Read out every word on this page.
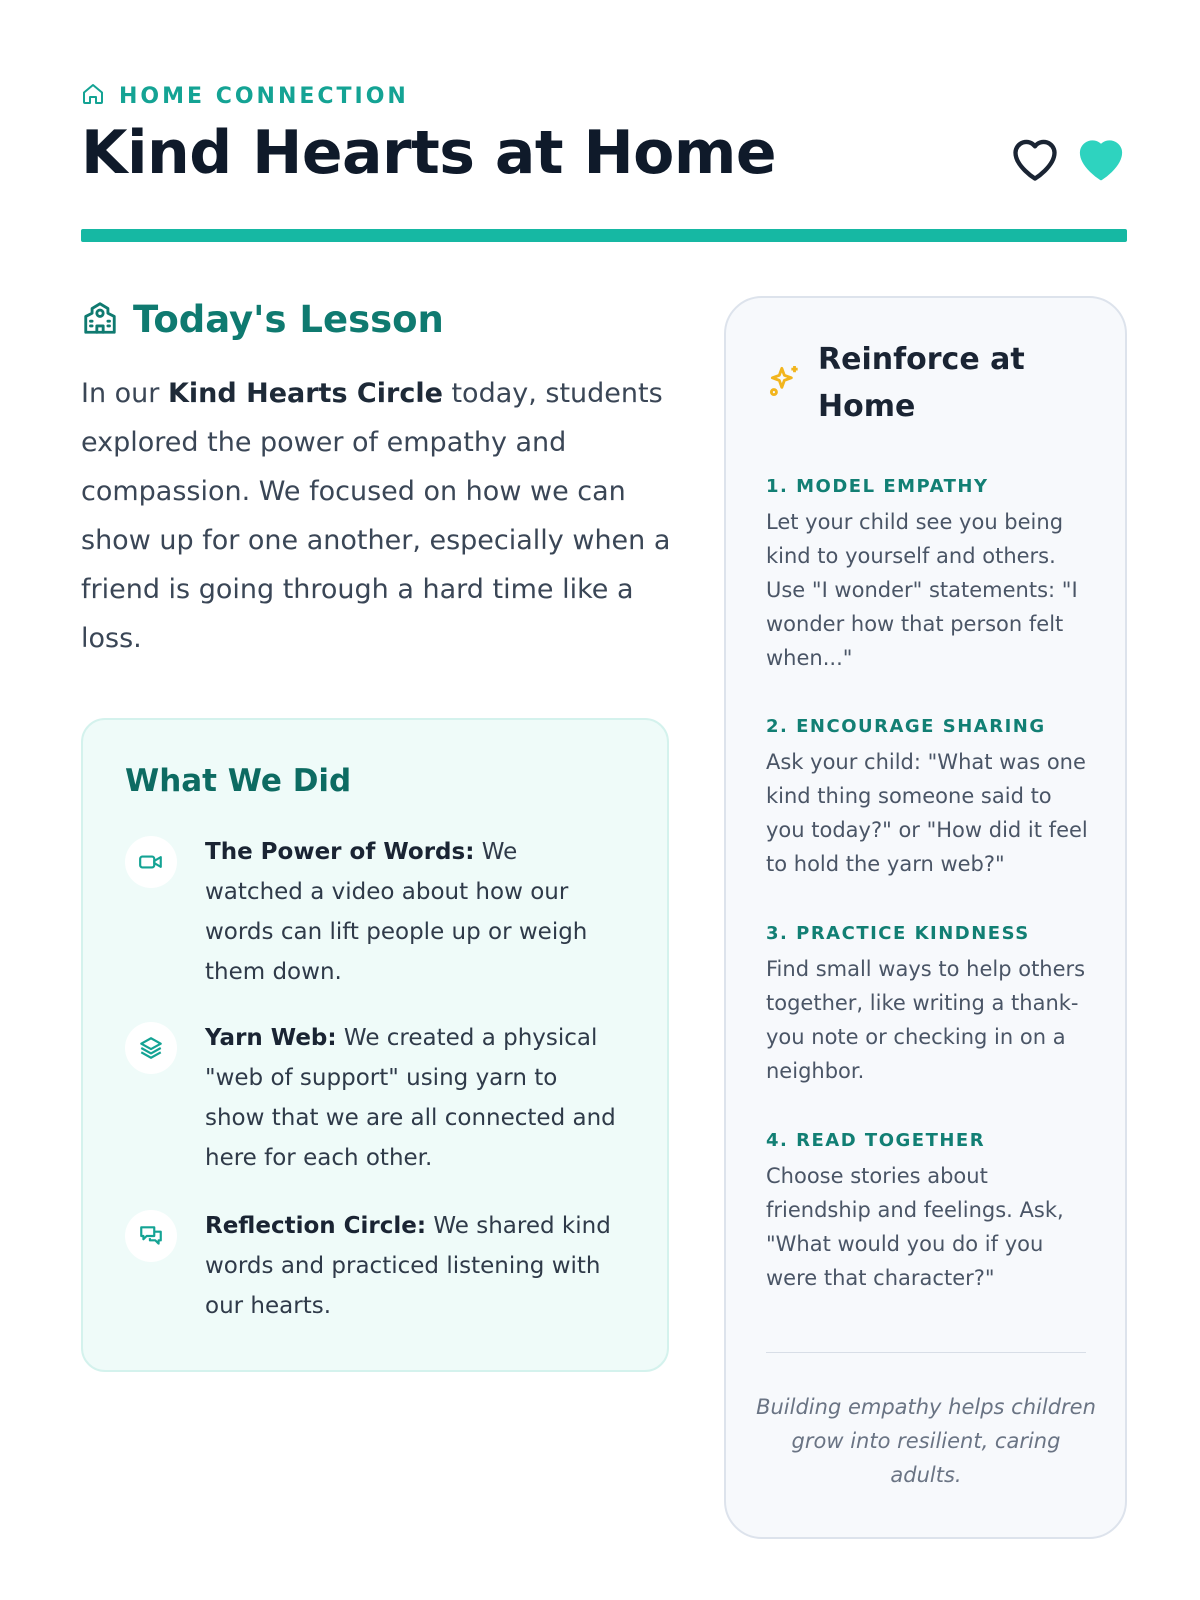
HOME CONNECTION
Kind Hearts at Home
Today's Lesson

In our Kind Hearts Circle today, students explored the power of empathy and compassion. We focused on how we can show up for one another, especially when a friend is going through a hard time like a loss.

What We Did
The Power of Words: We watched a video about how our words can lift people up or weigh them down.
Yarn Web: We created a physical "web of support" using yarn to show that we are all connected and here for each other.
Reflection Circle: We shared kind words and practiced listening with our hearts.
Reinforce at Home
1. MODEL EMPATHY
Let your child see you being kind to yourself and others. Use "I wonder" statements: "I wonder how that person felt when..."
2. ENCOURAGE SHARING
Ask your child: "What was one kind thing someone said to you today?" or "How did it feel to hold the yarn web?"
3. PRACTICE KINDNESS
Find small ways to help others together, like writing a thank-you note or checking in on a neighbor.
4. READ TOGETHER
Choose stories about friendship and feelings. Ask, "What would you do if you were that character?"

Building empathy helps children grow into resilient, caring adults.
